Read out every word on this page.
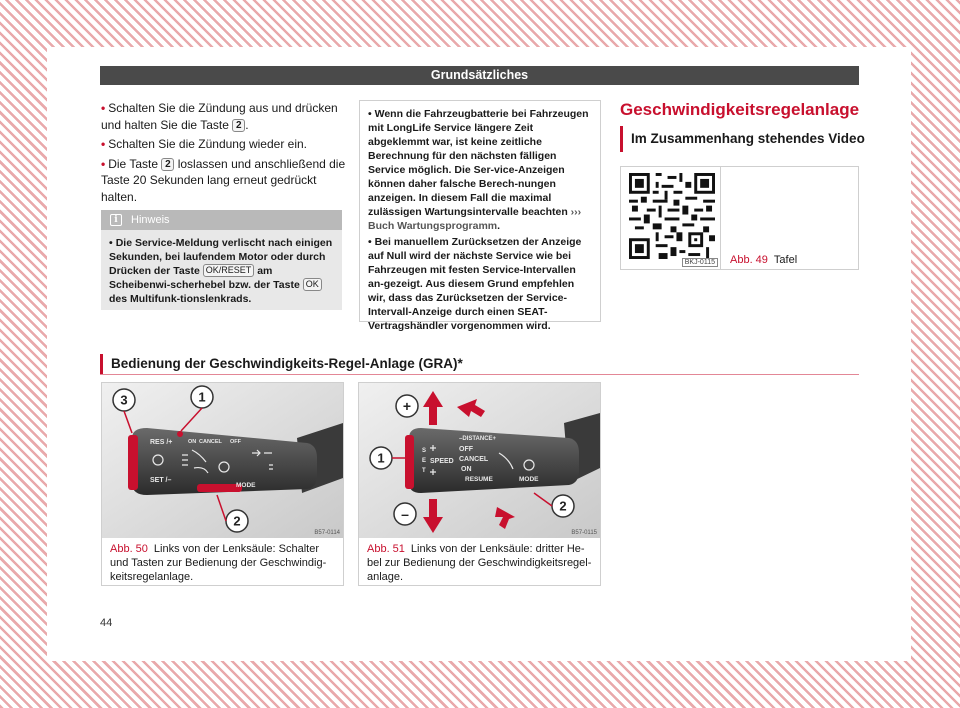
Grundsätzliches

• Schalten Sie die Zündung aus und drücken und halten Sie die Taste 2 .

• Schalten Sie die Zündung wieder ein.

• Die Taste 2 loslassen und anschließend die Taste 20 Sekunden lang erneut gedrückt halten.

i	Hinweis
• Die Service-Meldung verlischt nach einigen Sekunden, bei laufendem Motor oder durch Drücken der Taste OK/RESET am Scheibenwi-scherhebel bzw. der Taste OK des Multifunk-tionslenkrads.

• Wenn die Fahrzeugbatterie bei Fahrzeugen mit LongLife Service längere Zeit abgeklemmt war, ist keine zeitliche Berechnung für den nächsten fälligen Service möglich. Die Ser-vice-Anzeigen können daher falsche Berech-nungen anzeigen. In diesem Fall die maximal zulässigen Wartungsintervalle beachten ››› Buch Wartungsprogramm.

• Bei manuellem Zurücksetzen der Anzeige auf Null wird der nächste Service wie bei Fahrzeugen mit festen Service-Intervallen an-gezeigt. Aus diesem Grund empfehlen wir, dass das Zurücksetzen der Service-Intervall-Anzeige durch einen SEAT-Vertragshändler vorgenommen wird.

Geschwindigkeitsregelanlage
Im Zusammenhang stehendes Video
BKJ-0115 Abb. 49 Tafel
Bedienung der Geschwindigkeits-Regel-Anlage (GRA)*
RES /+
SET /–
ON CANCEL OFF
MODE
3	1
2
B57-0114
Abb. 50 Links von der Lenksäule: Schalter und Tasten zur Bedienung der Geschwindig-keitsregelanlage.
–DISTANCE+
S
E
T
SPEED
OFF
CANCEL
ON
RESUME	MODE
+
1
–	2
B57-0115
Abb. 51 Links von der Lenksäule: dritter He-bel zur Bedienung der Geschwindigkeitsregel-anlage.
44
